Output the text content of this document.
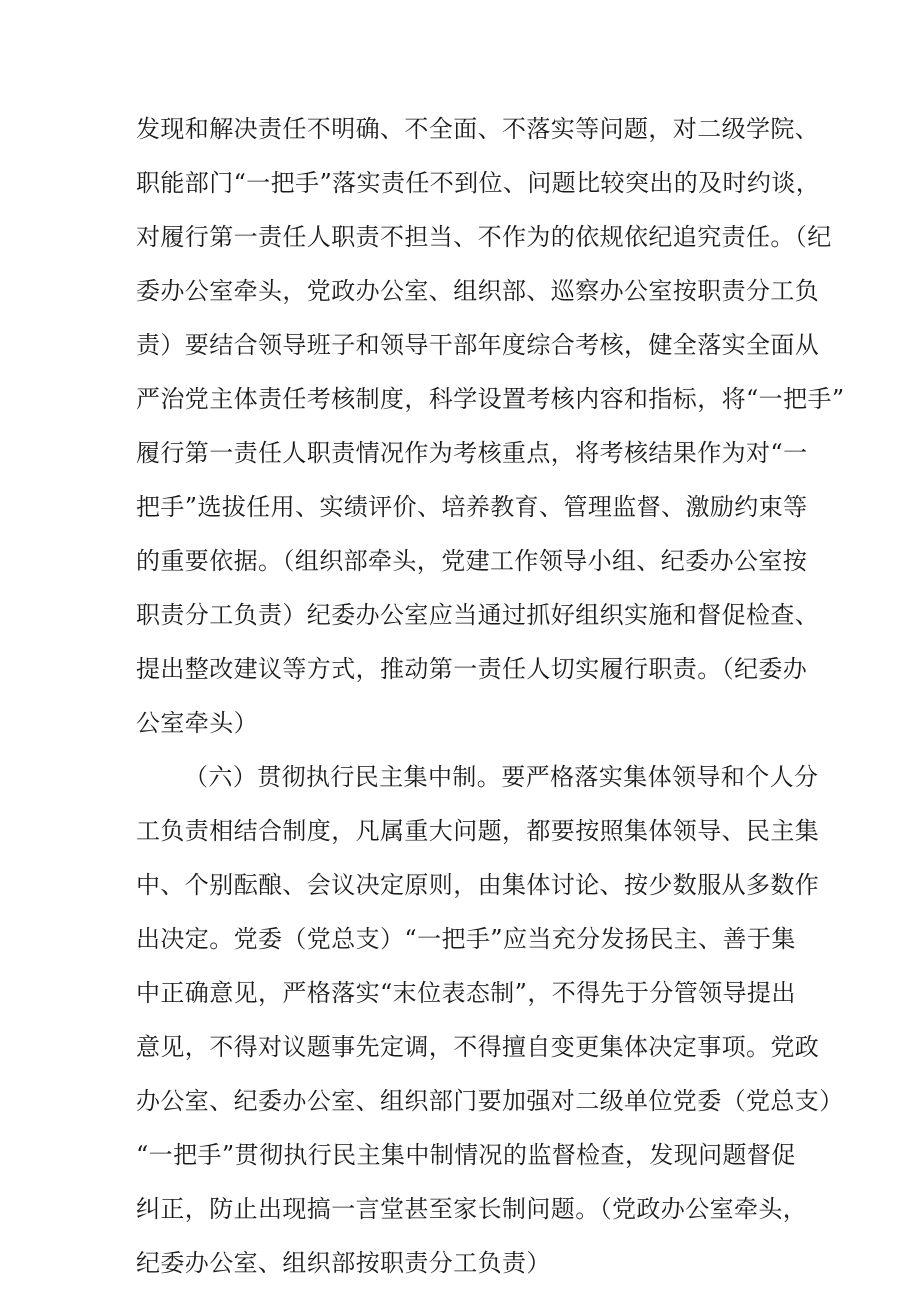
发现和解决责任不明确、不全面、不落实等问题，对二级学院、
职能部门“一把手”落实责任不到位、问题比较突出的及时约谈，
对履行第一责任人职责不担当、不作为的依规依纪追究责任。（纪
委办公室牵头，党政办公室、组织部、巡察办公室按职责分工负
责）要结合领导班子和领导干部年度综合考核，健全落实全面从
严治党主体责任考核制度，科学设置考核内容和指标，将“一把手”
履行第一责任人职责情况作为考核重点，将考核结果作为对“一
把手”选拔任用、实绩评价、培养教育、管理监督、激励约束等
的重要依据。（组织部牵头，党建工作领导小组、纪委办公室按
职责分工负责）纪委办公室应当通过抓好组织实施和督促检查、
提出整改建议等方式，推动第一责任人切实履行职责。（纪委办
公室牵头）
（六）贯彻执行民主集中制。要严格落实集体领导和个人分
工负责相结合制度，凡属重大问题，都要按照集体领导、民主集
中、个别酝酿、会议决定原则，由集体讨论、按少数服从多数作
出决定。党委（党总支）“一把手”应当充分发扬民主、善于集
中正确意见，严格落实“末位表态制”，不得先于分管领导提出
意见，不得对议题事先定调，不得擅自变更集体决定事项。党政
办公室、纪委办公室、组织部门要加强对二级单位党委（党总支）
“一把手”贯彻执行民主集中制情况的监督检查，发现问题督促
纠正，防止出现搞一言堂甚至家长制问题。（党政办公室牵头，
纪委办公室、组织部按职责分工负责）
